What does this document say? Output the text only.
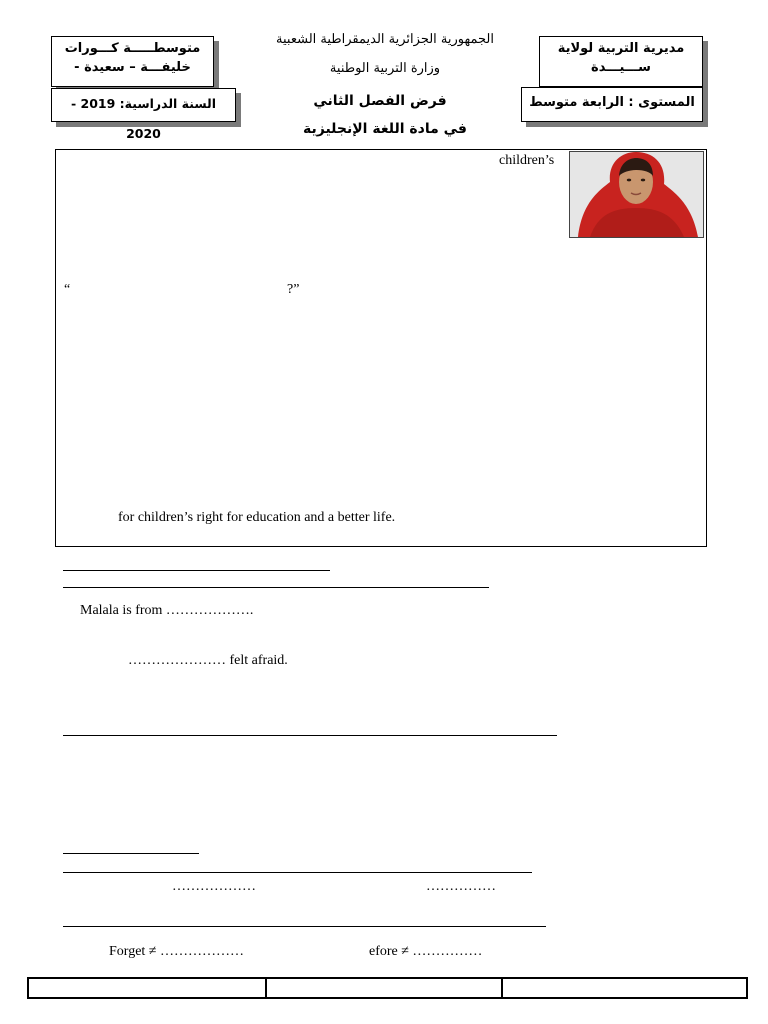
متوسطـــــة كـــورات
خليفـــة – سعيدة -
السنة الدراسية: 2019 - 2020
مديرية التربية لولاية
ســـيـــدة
المستوى : الرابعة متوسط
الجمهورية الجزائرية الديمقراطية الشعبية
وزارة التربية الوطنية
فرض الفصل الثاني
في مادة اللغة الإنجليزية
children’s
“	?”
for children’s right for education and a better life.
Malala is from ……………….
………………… felt afraid.
………………	……………
Forget ≠ ………………	efore ≠ ……………
